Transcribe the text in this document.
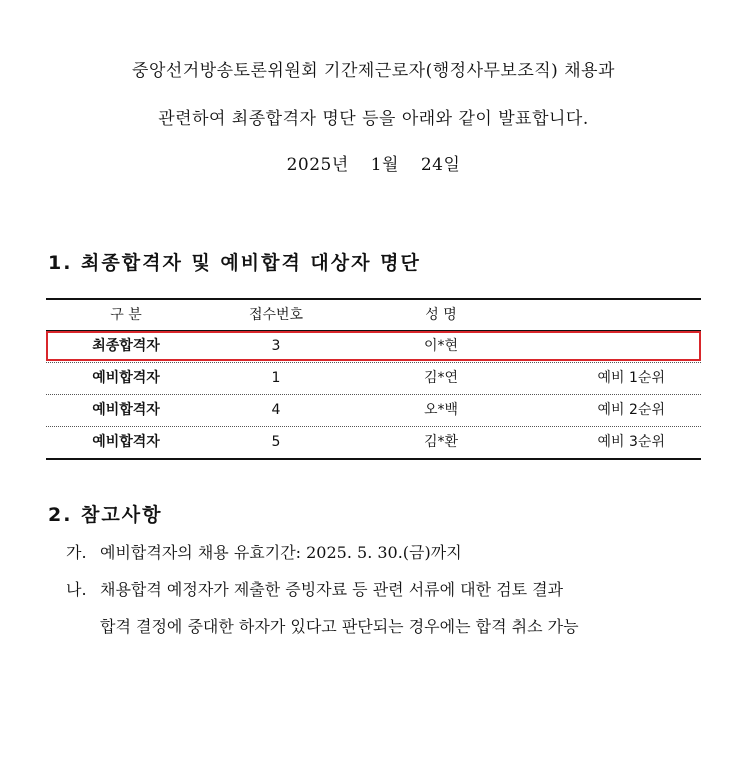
중앙선거방송토론위원회 기간제근로자(행정사무보조직) 채용과
관련하여 최종합격자 명단 등을 아래와 같이 발표합니다.
2025년 1월 24일
1. 최종합격자 및 예비합격 대상자 명단
구 분	접수번호	성 명
최종합격자	3	이*현
예비합격자	1	김*연	예비 1순위
예비합격자	4	오*백	예비 2순위
예비합격자	5	김*환	예비 3순위
2. 참고사항
가. 예비합격자의 채용 유효기간: 2025. 5. 30.(금)까지
나. 채용합격 예정자가 제출한 증빙자료 등 관련 서류에 대한 검토 결과
합격 결정에 중대한 하자가 있다고 판단되는 경우에는 합격 취소 가능
